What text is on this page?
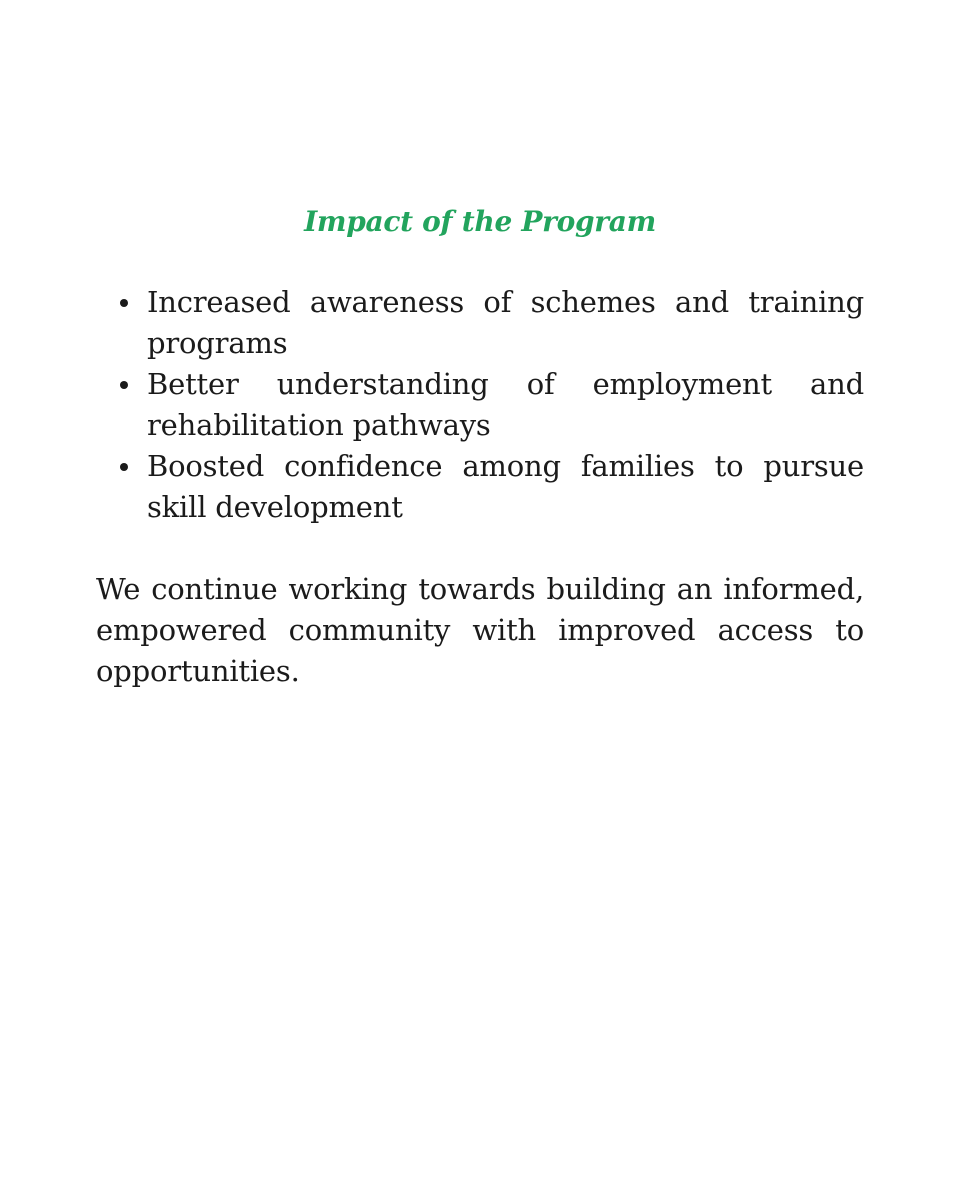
Impact of the Program
Increased awareness of schemes and training programs
Better understanding of employment and rehabilitation pathways
Boosted confidence among families to pursue skill development

We continue working towards building an informed, empowered community with improved access to opportunities.
